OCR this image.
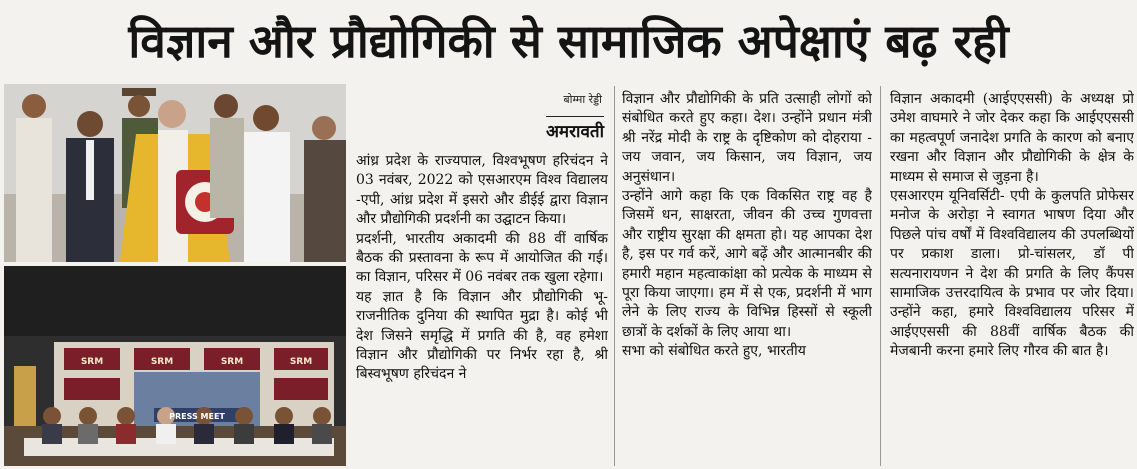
विज्ञान और प्रौद्योगिकी से सामाजिक अपेक्षाएं बढ़ रही
SRM	SRM	SRM	SRM
PRESS MEET
बोम्मा रेड्डी
अमरावती

आंध्र प्रदेश के राज्यपाल, विश्वभूषण हरिचंदन ने 03 नवंबर, 2022 को एसआरएम विश्व विद्यालय -एपी, आंध्र प्रदेश में इसरो और डीईई द्वारा विज्ञान और प्रौद्योगिकी प्रदर्शनी का उद्घाटन किया।

प्रदर्शनी, भारतीय अकादमी की 88 वीं वार्षिक बैठक की प्रस्तावना के रूप में आयोजित की गई। का विज्ञान, परिसर में 06 नवंबर तक खुला रहेगा।

यह ज्ञात है कि विज्ञान और प्रौद्योगिकी भू-राजनीतिक दुनिया की स्थापित मुद्रा है। कोई भी देश जिसने समृद्धि में प्रगति की है, वह हमेशा विज्ञान और प्रौद्योगिकी पर निर्भर रहा है, श्री बिस्वभूषण हरिचंदन ने

विज्ञान और प्रौद्योगिकी के प्रति उत्साही लोगों को संबोधित करते हुए कहा। देश। उन्होंने प्रधान मंत्री श्री नरेंद्र मोदी के राष्ट्र के दृष्टिकोण को दोहराया - जय जवान, जय किसान, जय विज्ञान, जय अनुसंधान।

उन्होंने आगे कहा कि एक विकसित राष्ट्र वह है जिसमें धन, साक्षरता, जीवन की उच्च गुणवत्ता और राष्ट्रीय सुरक्षा की क्षमता हो। यह आपका देश है, इस पर गर्व करें, आगे बढ़ें और आत्मानबीर की हमारी महान महत्वाकांक्षा को प्रत्येक के माध्यम से पूरा किया जाएगा। हम में से एक, प्रदर्शनी में भाग लेने के लिए राज्य के विभिन्न हिस्सों से स्कूली छात्रों के दर्शकों के लिए आया था।

सभा को संबोधित करते हुए, भारतीय

विज्ञान अकादमी (आईएएससी) के अध्यक्ष प्रो उमेश वाघमारे ने जोर देकर कहा कि आईएएससी का महत्वपूर्ण जनादेश प्रगति के कारण को बनाए रखना और विज्ञान और प्रौद्योगिकी के क्षेत्र के माध्यम से समाज से जुड़ना है।

एसआरएम यूनिवर्सिटी- एपी के कुलपति प्रोफेसर मनोज के अरोड़ा ने स्वागत भाषण दिया और पिछले पांच वर्षों में विश्वविद्यालय की उपलब्धियों पर प्रकाश डाला। प्रो-चांसलर, डॉ पी सत्यनारायणन ने देश की प्रगति के लिए कैंपस सामाजिक उत्तरदायित्व के प्रभाव पर जोर दिया। उन्होंने कहा, हमारे विश्वविद्यालय परिसर में आईएएससी की 88वीं वार्षिक बैठक की मेजबानी करना हमारे लिए गौरव की बात है।
